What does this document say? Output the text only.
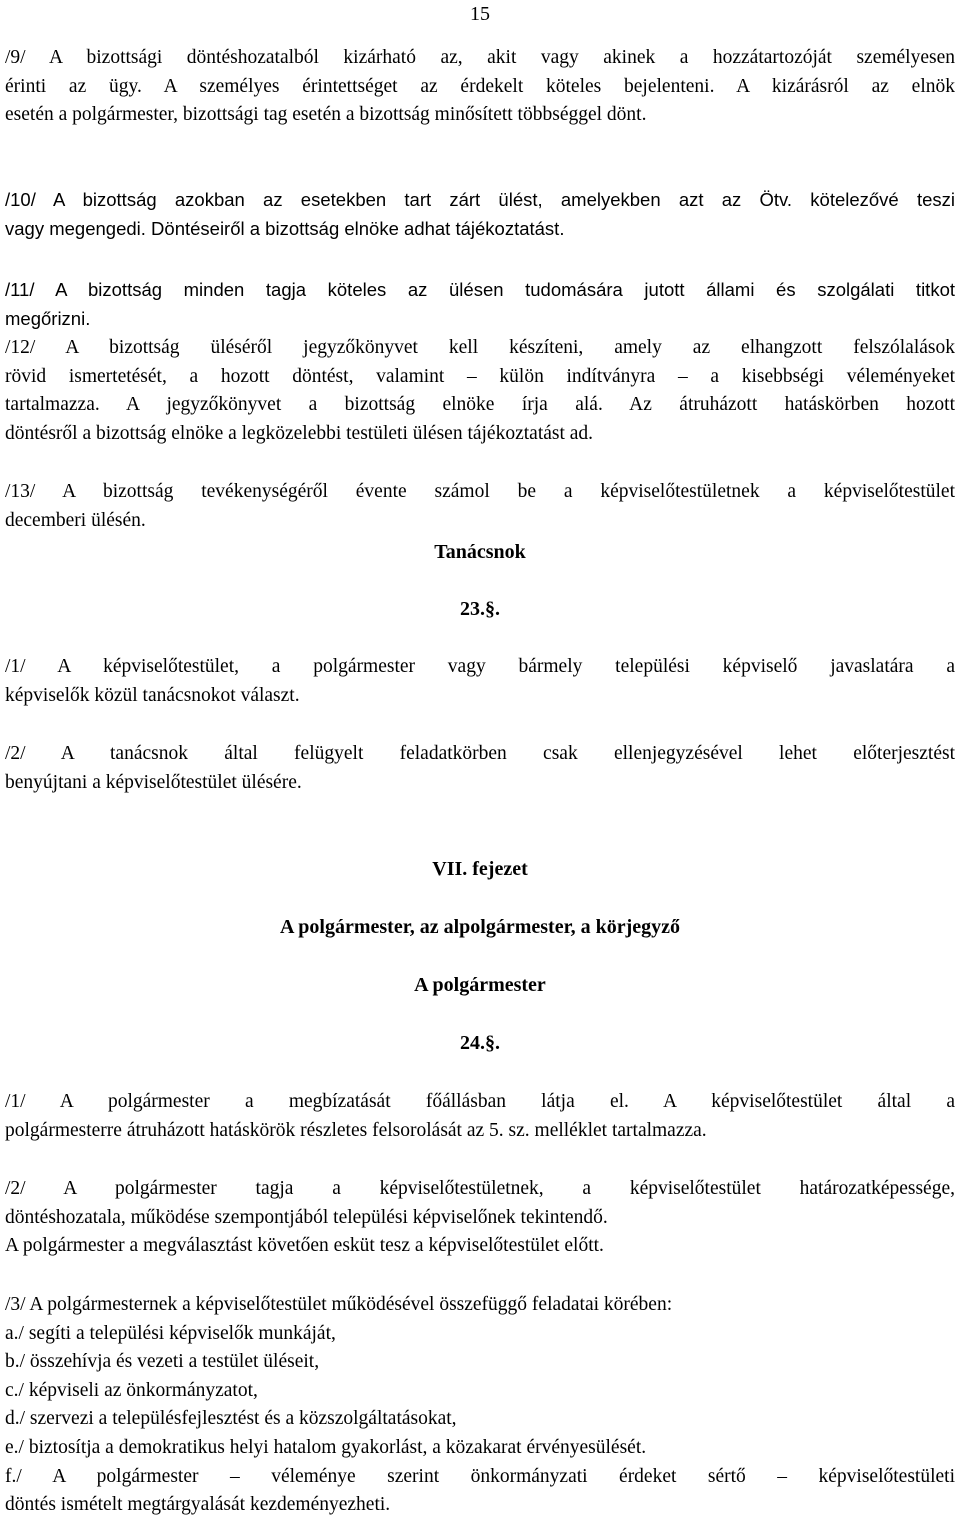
15

/9/ A bizottsági döntéshozatalból kizárható az, akit vagy akinek a hozzátartozóját személyesen
érinti az ügy. A személyes érintettséget az érdekelt köteles bejelenteni. A kizárásról az elnök
esetén a polgármester, bizottsági tag esetén a bizottság minősített többséggel dönt.

/10/ A bizottság azokban az esetekben tart zárt ülést, amelyekben azt az Ötv. kötelezővé teszi
vagy megengedi. Döntéseiről a bizottság elnöke adhat tájékoztatást.

/11/ A bizottság minden tagja köteles az ülésen tudomására jutott állami és szolgálati titkot
megőrizni.

/12/ A bizottság üléséről jegyzőkönyvet kell készíteni, amely az elhangzott felszólalások
rövid ismertetését, a hozott döntést, valamint – külön indítványra – a kisebbségi véleményeket
tartalmazza. A jegyzőkönyvet a bizottság elnöke írja alá. Az átruházott hatáskörben hozott
döntésről a bizottság elnöke a legközelebbi testületi ülésen tájékoztatást ad.

/13/ A bizottság tevékenységéről évente számol be a képviselőtestületnek a képviselőtestület
decemberi ülésén.

Tanácsnok
23.§.

/1/ A képviselőtestület, a polgármester vagy bármely települési képviselő javaslatára a
képviselők közül tanácsnokot választ.

/2/ A tanácsnok által felügyelt feladatkörben csak ellenjegyzésével lehet előterjesztést
benyújtani a képviselőtestület ülésére.

VII. fejezet
A polgármester, az alpolgármester, a körjegyző
A polgármester
24.§.

/1/ A polgármester a megbízatását főállásban látja el. A képviselőtestület által a
polgármesterre átruházott hatáskörök részletes felsorolását az 5. sz. melléklet tartalmazza.

/2/ A polgármester tagja a képviselőtestületnek, a képviselőtestület határozatképessége,
döntéshozatala, működése szempontjából települési képviselőnek tekintendő.
A polgármester a megválasztást követően esküt tesz a képviselőtestület előtt.

/3/ A polgármesternek a képviselőtestület működésével összefüggő feladatai körében:
a./ segíti a települési képviselők munkáját,
b./ összehívja és vezeti a testület üléseit,
c./ képviseli az önkormányzatot,
d./ szervezi a településfejlesztést és a közszolgáltatásokat,
e./ biztosítja a demokratikus helyi hatalom gyakorlást, a közakarat érvényesülését.
f./ A polgármester – véleménye szerint önkormányzati érdeket sértő – képviselőtestületi
döntés ismételt megtárgyalását kezdeményezheti.
